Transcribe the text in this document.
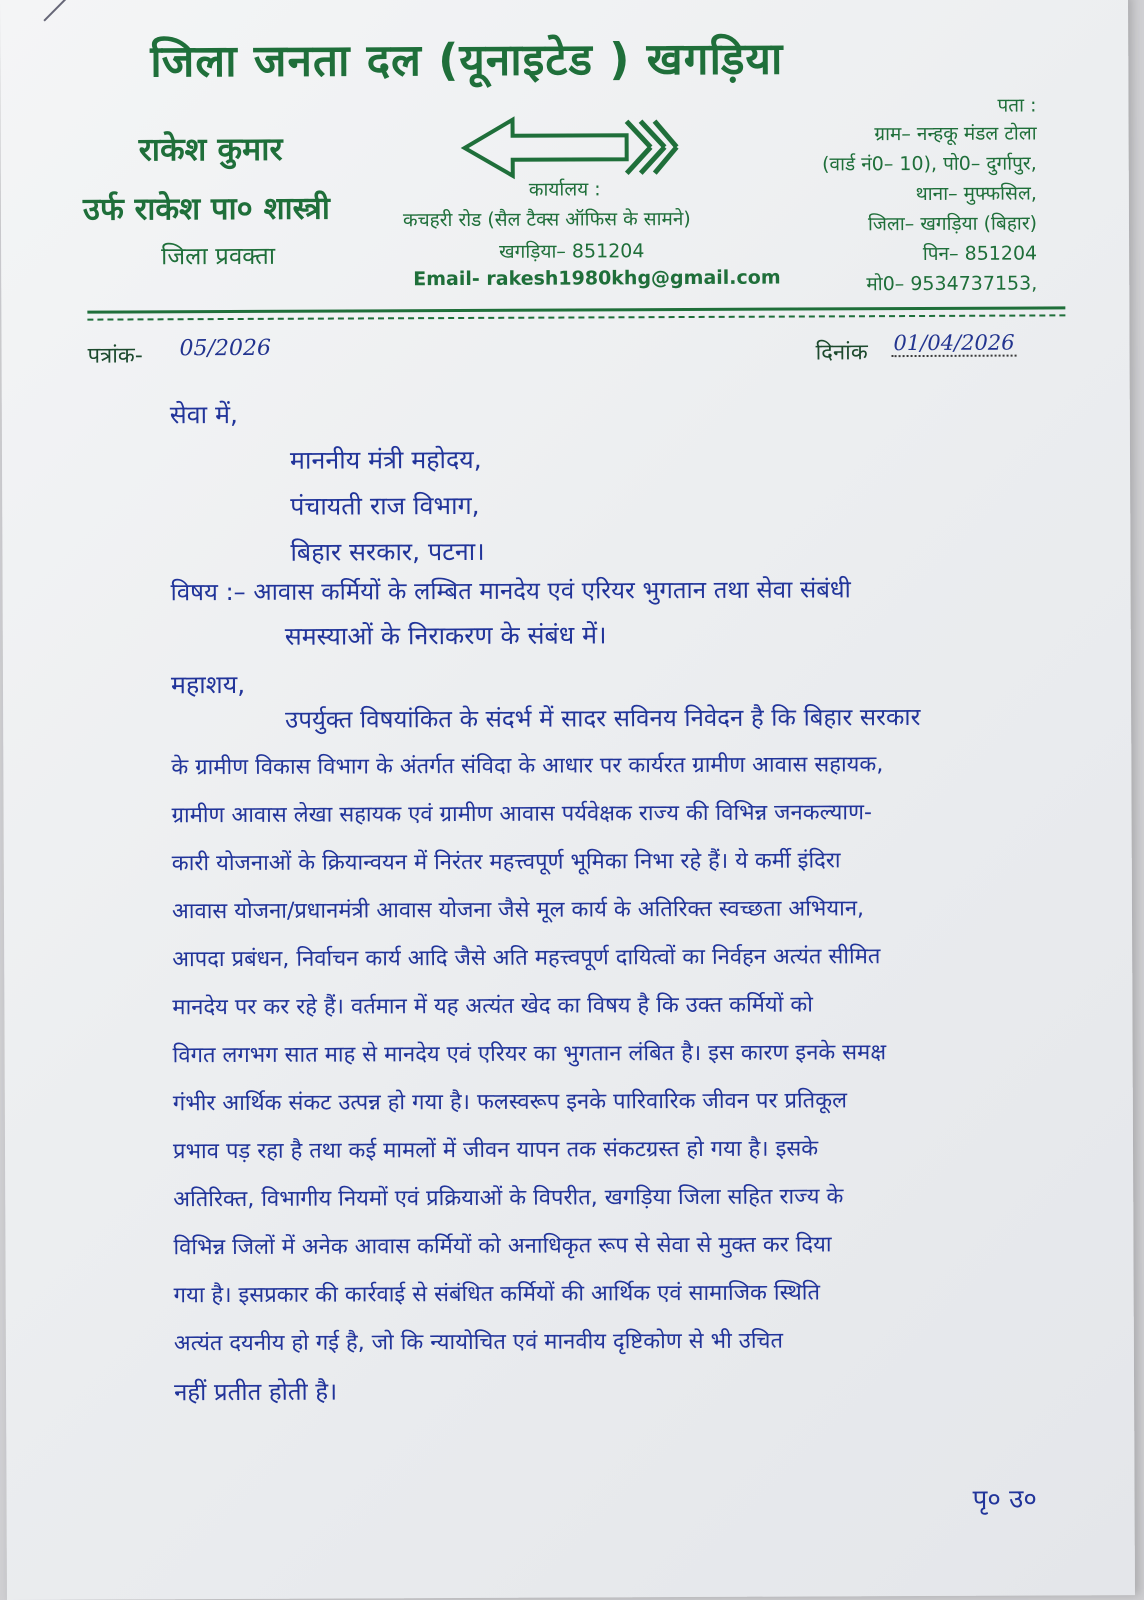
जिला जनता दल (यूनाइटेड ) खगड़िया
राकेश कुमार
उर्फ राकेश पा० शास्त्री
जिला प्रवक्ता
कार्यालय :
कचहरी रोड (सैल टैक्स ऑफिस के सामने)
खगड़िया– 851204
Email- rakesh1980khg@gmail.com
पता :
ग्राम– नन्हकू मंडल टोला
(वार्ड नं0– 10), पो0– दुर्गापुर,
थाना– मुफ्फसिल,
जिला– खगड़िया (बिहार)
पिन– 851204
मो0– 9534737153,
पत्रांक- 05/2026	दिनांक 01/04/2026
सेवा में,
माननीय मंत्री महोदय,
पंचायती राज विभाग,
बिहार सरकार, पटना।
विषय :– आवास कर्मियों के लम्बित मानदेय एवं एरियर भुगतान तथा सेवा संबंधी
समस्याओं के निराकरण के संबंध में।
महाशय,
उपर्युक्त विषयांकित के संदर्भ में सादर सविनय निवेदन है कि बिहार सरकार
के ग्रामीण विकास विभाग के अंतर्गत संविदा के आधार पर कार्यरत ग्रामीण आवास सहायक,
ग्रामीण आवास लेखा सहायक एवं ग्रामीण आवास पर्यवेक्षक राज्य की विभिन्न जनकल्याण-
कारी योजनाओं के क्रियान्वयन में निरंतर महत्त्वपूर्ण भूमिका निभा रहे हैं। ये कर्मी इंदिरा
आवास योजना/प्रधानमंत्री आवास योजना जैसे मूल कार्य के अतिरिक्त स्वच्छता अभियान,
आपदा प्रबंधन, निर्वाचन कार्य आदि जैसे अति महत्त्वपूर्ण दायित्वों का निर्वहन अत्यंत सीमित
मानदेय पर कर रहे हैं। वर्तमान में यह अत्यंत खेद का विषय है कि उक्त कर्मियों को
विगत लगभग सात माह से मानदेय एवं एरियर का भुगतान लंबित है। इस कारण इनके समक्ष
गंभीर आर्थिक संकट उत्पन्न हो गया है। फलस्वरूप इनके पारिवारिक जीवन पर प्रतिकूल
प्रभाव पड़ रहा है तथा कई मामलों में जीवन यापन तक संकटग्रस्त हो गया है। इसके
अतिरिक्त, विभागीय नियमों एवं प्रक्रियाओं के विपरीत, खगड़िया जिला सहित राज्य के
विभिन्न जिलों में अनेक आवास कर्मियों को अनाधिकृत रूप से सेवा से मुक्त कर दिया
गया है। इसप्रकार की कार्रवाई से संबंधित कर्मियों की आर्थिक एवं सामाजिक स्थिति
अत्यंत दयनीय हो गई है, जो कि न्यायोचित एवं मानवीय दृष्टिकोण से भी उचित
नहीं प्रतीत होती है।
पृ० उ०
